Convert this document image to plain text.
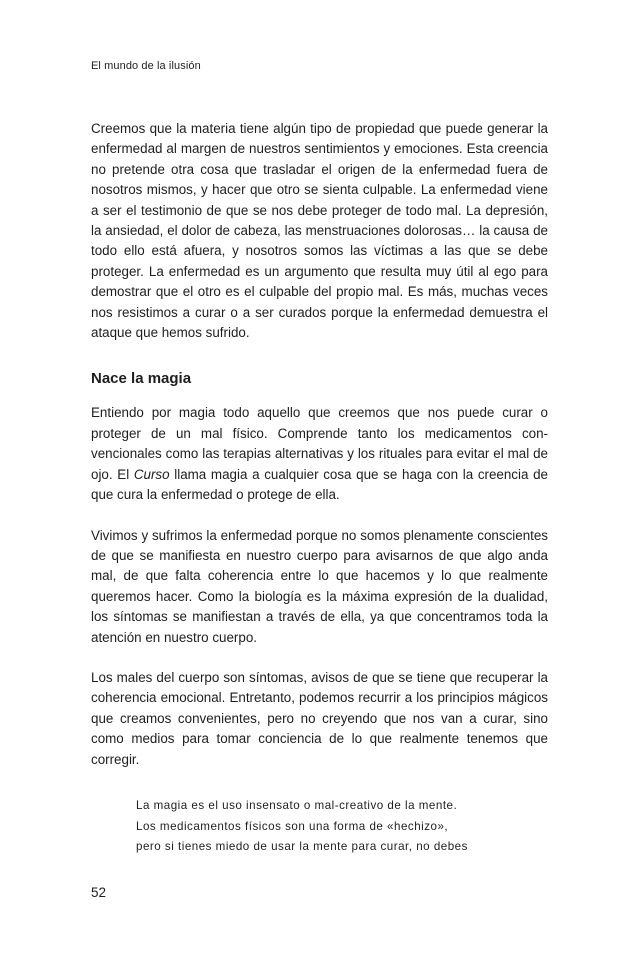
El mundo de la ilusión

Creemos que la materia tiene algún tipo de propiedad que puede generar la enfermedad al margen de nuestros sentimientos y emociones. Esta creencia no pretende otra cosa que trasladar el origen de la enfermedad fuera de nosotros mismos, y hacer que otro se sienta culpable. La enfermedad viene a ser el testimonio de que se nos debe proteger de todo mal. La depresión, la ansiedad, el dolor de cabeza, las menstruaciones dolorosas… la causa de todo ello está afuera, y nosotros somos las víctimas a las que se debe proteger. La enfermedad es un argumento que resulta muy útil al ego para demostrar que el otro es el culpable del propio mal. Es más, muchas veces nos resistimos a curar o a ser curados porque la enfermedad demuestra el ataque que hemos sufrido.

Nace la magia

Entiendo por magia todo aquello que creemos que nos puede curar o proteger de un mal físico. Comprende tanto los medicamentos convencionales como las terapias alternativas y los rituales para evitar el mal de ojo. El Curso llama magia a cualquier cosa que se haga con la creencia de que cura la enfermedad o protege de ella.

Vivimos y sufrimos la enfermedad porque no somos plenamente conscientes de que se manifiesta en nuestro cuerpo para avisarnos de que algo anda mal, de que falta coherencia entre lo que hacemos y lo que realmente queremos hacer. Como la biología es la máxima expresión de la dualidad, los síntomas se manifiestan a través de ella, ya que concentramos toda la atención en nuestro cuerpo.

Los males del cuerpo son síntomas, avisos de que se tiene que recuperar la coherencia emocional. Entretanto, podemos recurrir a los principios mágicos que creamos convenientes, pero no creyendo que nos van a curar, sino como medios para tomar conciencia de lo que realmente tenemos que corregir.

La magia es el uso insensato o mal-creativo de la mente.
Los medicamentos físicos son una forma de «hechizo»,
pero si tienes miedo de usar la mente para curar, no debes
52
